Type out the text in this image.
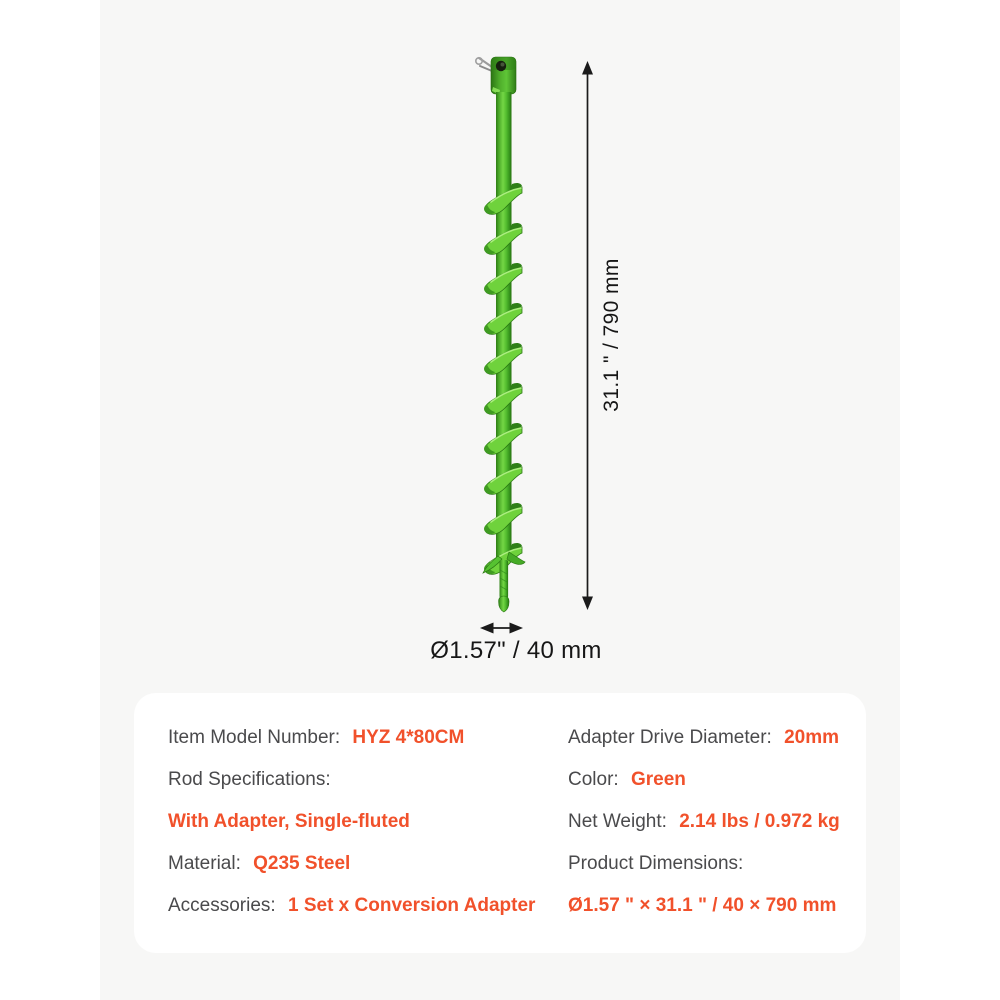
31.1 " / 790 mm
Ø1.57" / 40 mm
Item Model Number: HYZ 4*80CM
Rod Specifications:
With Adapter, Single-fluted
Material: Q235 Steel
Accessories: 1 Set x Conversion Adapter
Adapter Drive Diameter: 20mm
Color: Green
Net Weight: 2.14 lbs / 0.972 kg
Product Dimensions:
Ø1.57 " × 31.1 " / 40 × 790 mm
